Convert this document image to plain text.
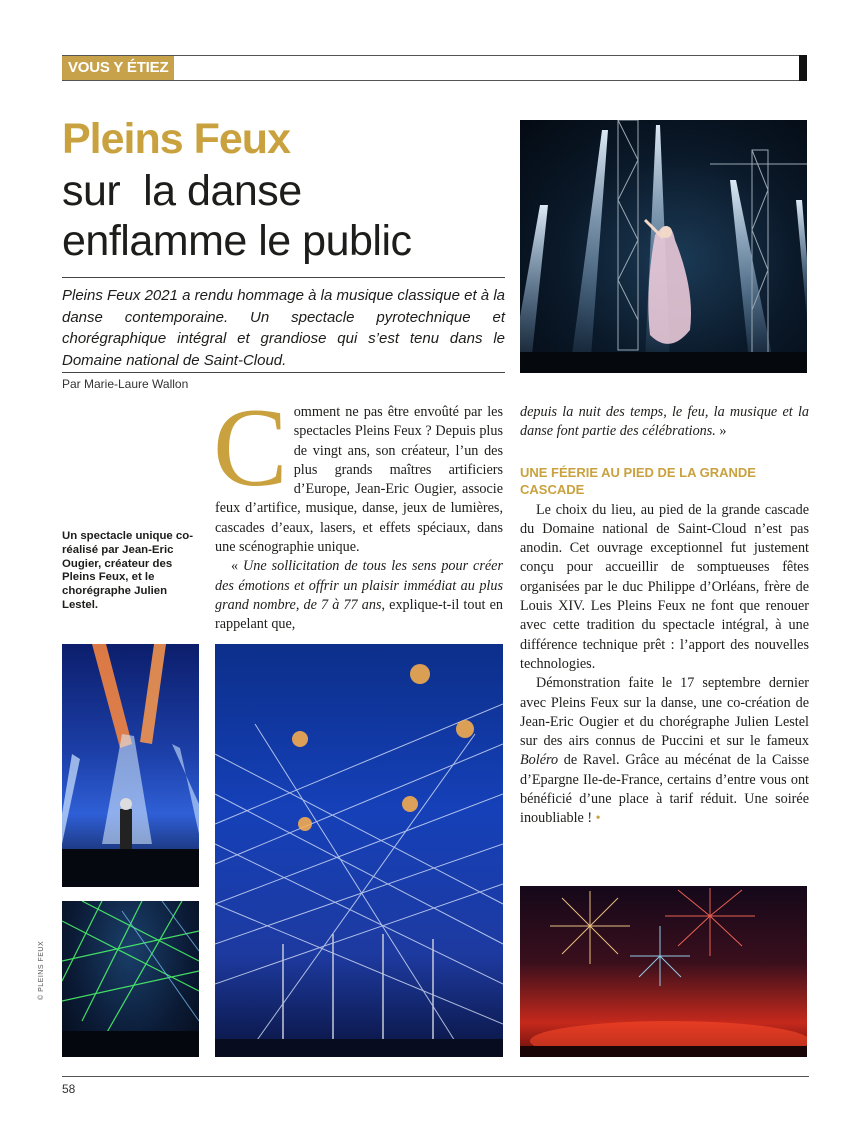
VOUS Y ÉTIEZ
Pleins Feux
sur  la danse
enflamme le public
Pleins Feux 2021 a rendu hommage à la musique classique et à la danse contemporaine. Un spectacle pyrotechnique et chorégraphique intégral et grandiose qui s’est tenu dans le Domaine national de Saint-Cloud.
Par Marie-Laure Wallon
C omment ne pas être envoûté par les spectacles Pleins Feux ? Depuis plus de vingt ans, son créateur, l’un des plus grands maîtres artificiers d’Europe, Jean-Eric Ougier, associe feux d’artifice, musique, danse, jeux de lumières, cascades d’eaux, lasers, et effets spéciaux, dans une scénographie unique.

« Une sollicitation de tous les sens pour créer des émotions et offrir un plaisir immédiat au plus grand nombre, de 7 à 77 ans, explique-t-il tout en rappelant que,

depuis la nuit des temps, le feu, la musique et la danse font partie des célébrations. »

UNE FÉERIE AU PIED DE LA GRANDE CASCADE

Le choix du lieu, au pied de la grande cascade du Domaine national de Saint-Cloud n’est pas anodin. Cet ouvrage exceptionnel fut justement conçu pour accueillir de somptueuses fêtes organisées par le duc Philippe d’Orléans, frère de Louis XIV. Les Pleins Feux ne font que renouer avec cette tradition du spectacle intégral, à une différence technique prêt : l’apport des nouvelles technologies.

Démonstration faite le 17 septembre dernier avec Pleins Feux sur la danse, une co-création de Jean-Eric Ougier et du chorégraphe Julien Lestel sur des airs connus de Puccini et sur le fameux Boléro de Ravel. Grâce au mécénat de la Caisse d’Epargne Ile-de-France, certains d’entre vous ont bénéficié d’une place à tarif réduit. Une soirée inoubliable ! •

Un spectacle unique co-réalisé par Jean-Eric Ougier, créateur des Pleins Feux, et le chorégraphe Julien Lestel.
© PLEINS FEUX
58
